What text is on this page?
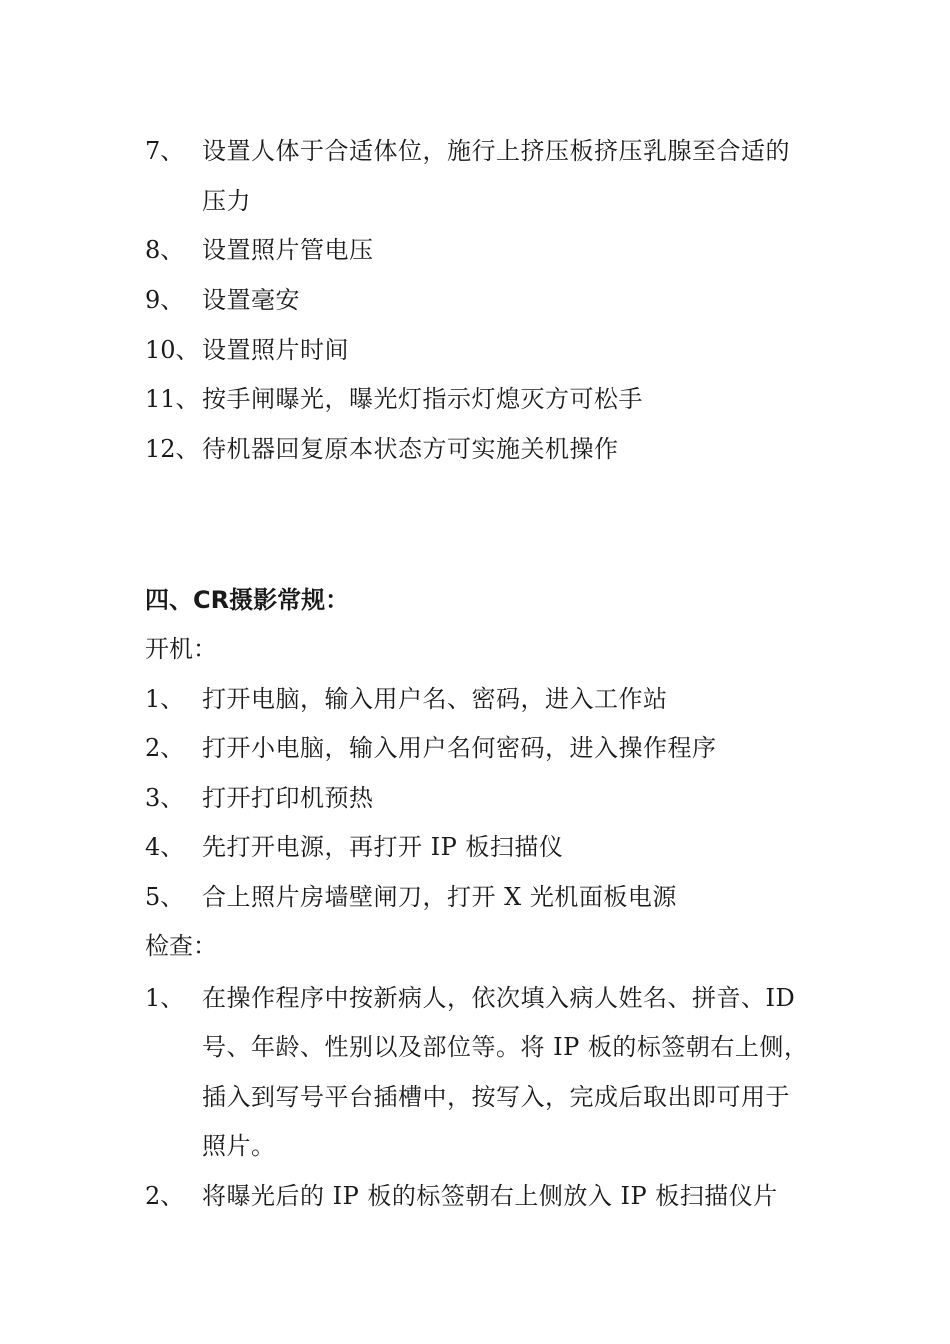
7、 设置人体于合适体位，施行上挤压板挤压乳腺至合适的
压力
8、 设置照片管电压
9、 设置毫安
10、 设置照片时间
11、 按手闸曝光，曝光灯指示灯熄灭方可松手
12、 待机器回复原本状态方可实施关机操作
四、CR摄影常规：
开机：
1、 打开电脑，输入用户名、密码，进入工作站
2、 打开小电脑，输入用户名何密码，进入操作程序
3、 打开打印机预热
4、 先打开电源，再打开 IP 板扫描仪
5、 合上照片房墙壁闸刀，打开 X 光机面板电源
检查：
1、 在操作程序中按新病人，依次填入病人姓名、拼音、ID
号、年龄、性别以及部位等。将 IP 板的标签朝右上侧，
插入到写号平台插槽中，按写入，完成后取出即可用于
照片。
2、 将曝光后的 IP 板的标签朝右上侧放入 IP 板扫描仪片
